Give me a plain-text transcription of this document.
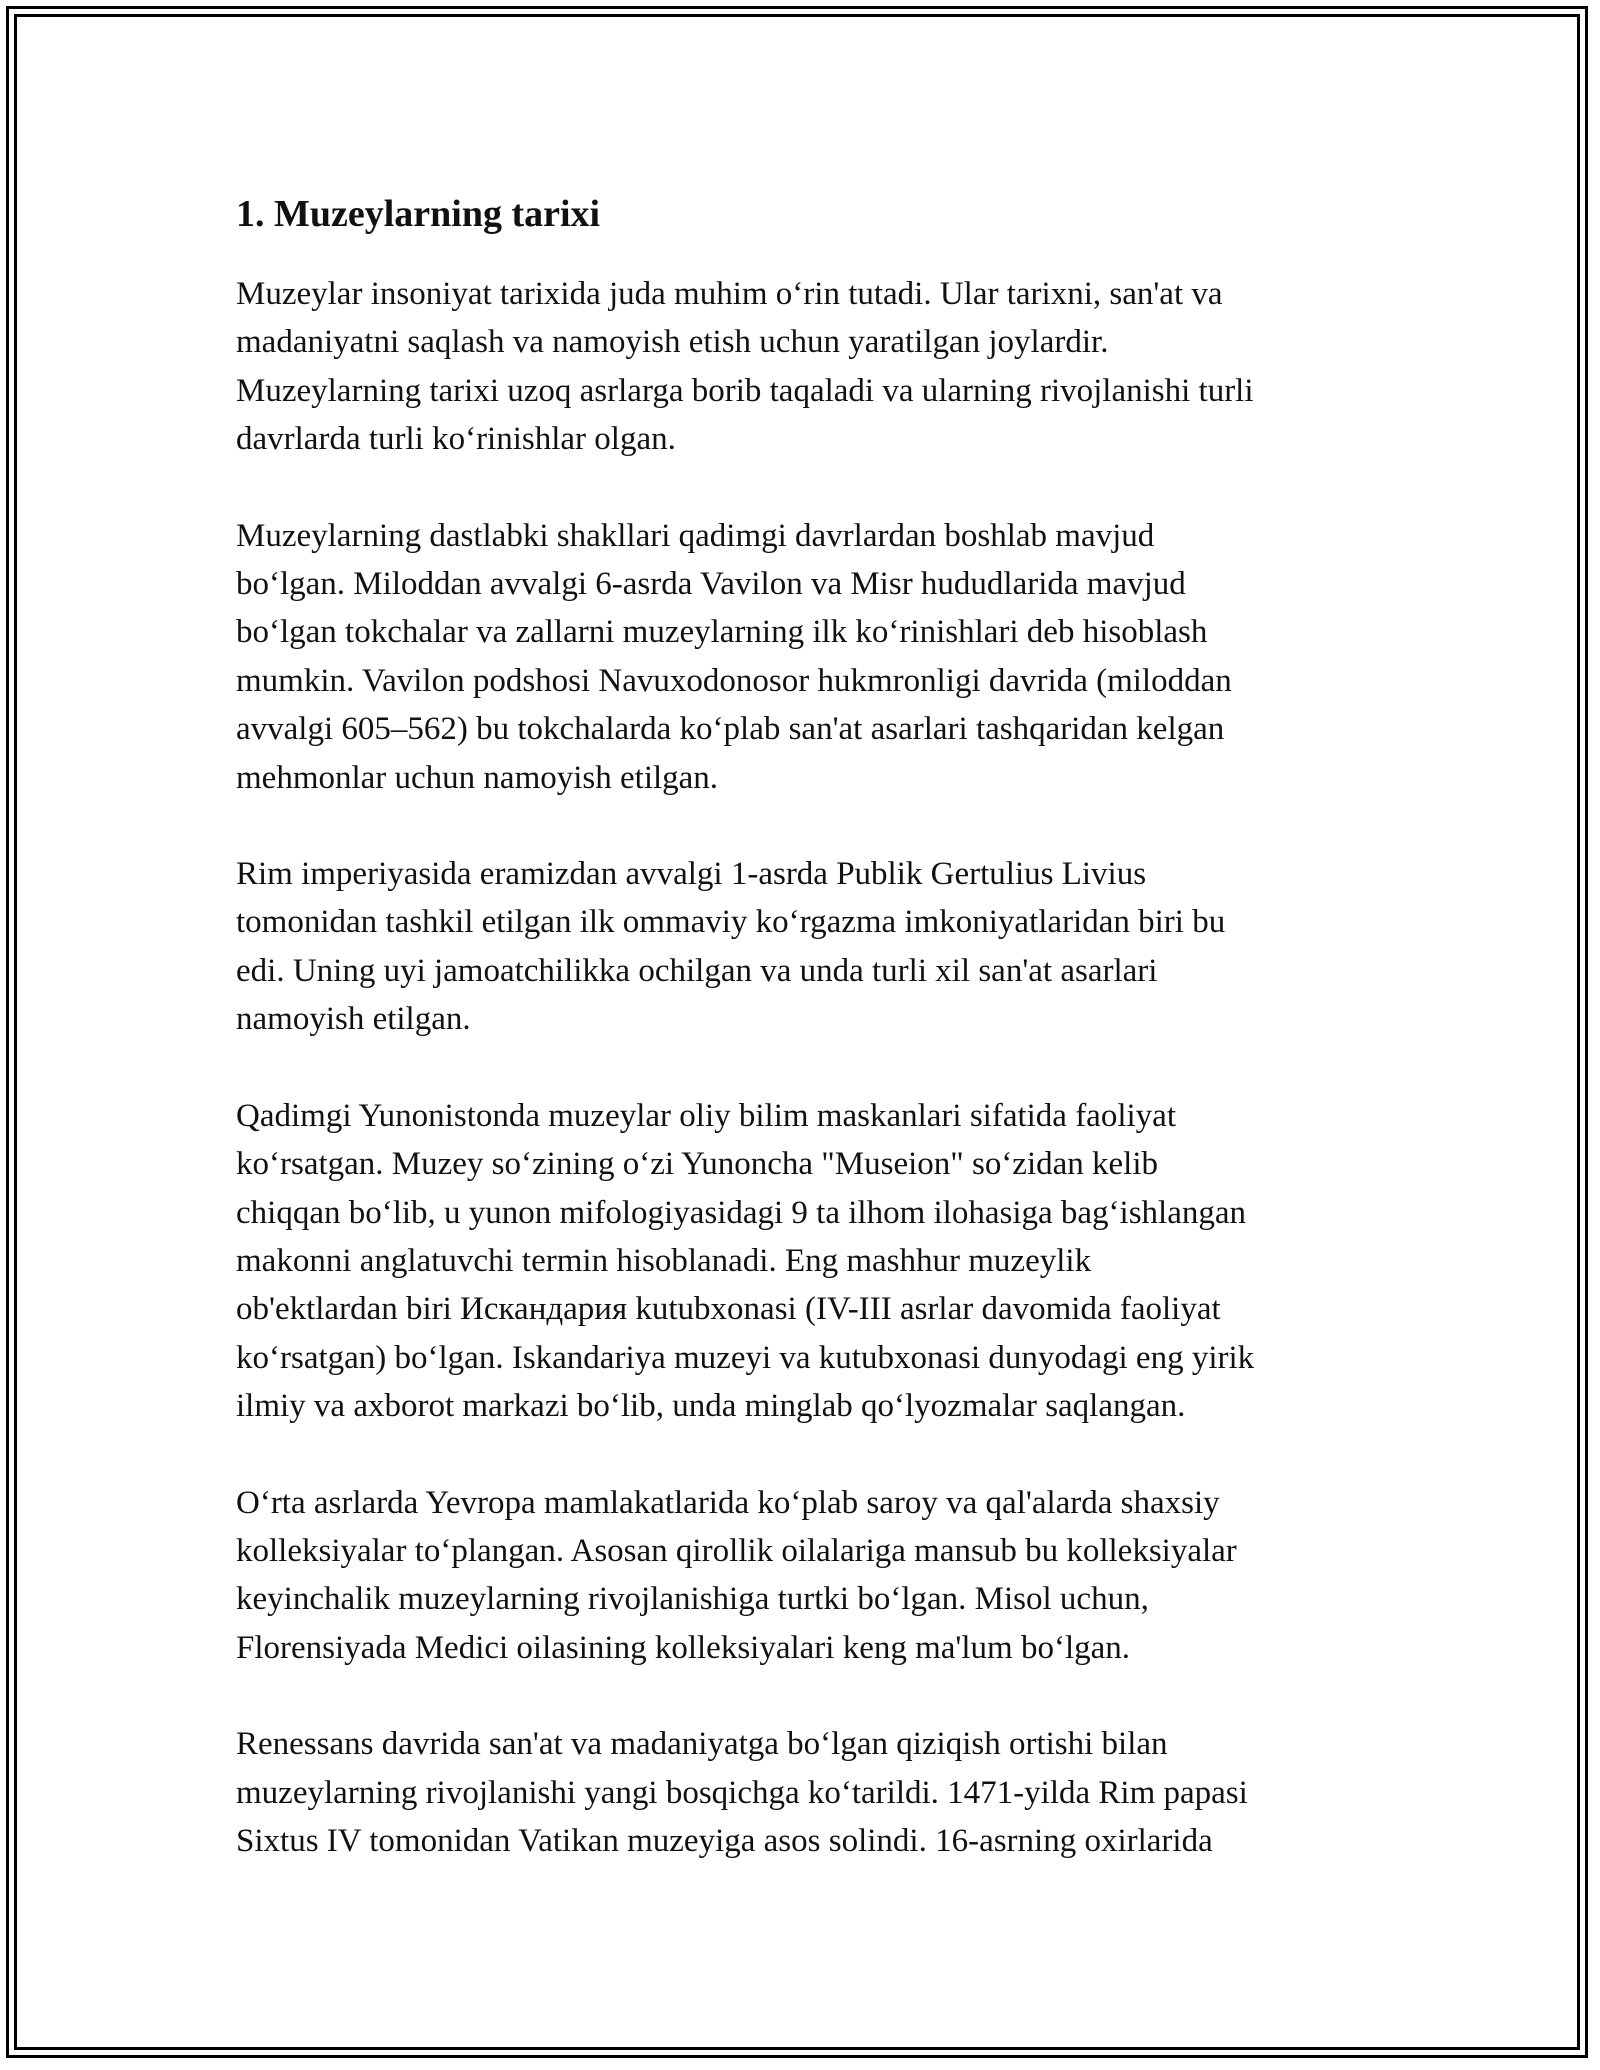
1. Muzeylarning tarixi

Muzeylar insoniyat tarixida juda muhim o‘rin tutadi. Ular tarixni, san'at va
madaniyatni saqlash va namoyish etish uchun yaratilgan joylardir.
Muzeylarning tarixi uzoq asrlarga borib taqaladi va ularning rivojlanishi turli
davrlarda turli ko‘rinishlar olgan.

Muzeylarning dastlabki shakllari qadimgi davrlardan boshlab mavjud
bo‘lgan. Miloddan avvalgi 6-asrda Vavilon va Misr hududlarida mavjud
bo‘lgan tokchalar va zallarni muzeylarning ilk ko‘rinishlari deb hisoblash
mumkin. Vavilon podshosi Navuxodonosor hukmronligi davrida (miloddan
avvalgi 605–562) bu tokchalarda ko‘plab san'at asarlari tashqaridan kelgan
mehmonlar uchun namoyish etilgan.

Rim imperiyasida eramizdan avvalgi 1-asrda Publik Gertulius Livius
tomonidan tashkil etilgan ilk ommaviy ko‘rgazma imkoniyatlaridan biri bu
edi. Uning uyi jamoatchilikka ochilgan va unda turli xil san'at asarlari
namoyish etilgan.

Qadimgi Yunonistonda muzeylar oliy bilim maskanlari sifatida faoliyat
ko‘rsatgan. Muzey so‘zining o‘zi Yunoncha "Museion" so‘zidan kelib
chiqqan bo‘lib, u yunon mifologiyasidagi 9 ta ilhom ilohasiga bag‘ishlangan
makonni anglatuvchi termin hisoblanadi. Eng mashhur muzeylik
ob'ektlardan biri Искандария kutubxonasi (IV-III asrlar davomida faoliyat
ko‘rsatgan) bo‘lgan. Iskandariya muzeyi va kutubxonasi dunyodagi eng yirik
ilmiy va axborot markazi bo‘lib, unda minglab qo‘lyozmalar saqlangan.

O‘rta asrlarda Yevropa mamlakatlarida ko‘plab saroy va qal'alarda shaxsiy
kolleksiyalar to‘plangan. Asosan qirollik oilalariga mansub bu kolleksiyalar
keyinchalik muzeylarning rivojlanishiga turtki bo‘lgan. Misol uchun,
Florensiyada Medici oilasining kolleksiyalari keng ma'lum bo‘lgan.

Renessans davrida san'at va madaniyatga bo‘lgan qiziqish ortishi bilan
muzeylarning rivojlanishi yangi bosqichga ko‘tarildi. 1471-yilda Rim papasi
Sixtus IV tomonidan Vatikan muzeyiga asos solindi. 16-asrning oxirlarida
